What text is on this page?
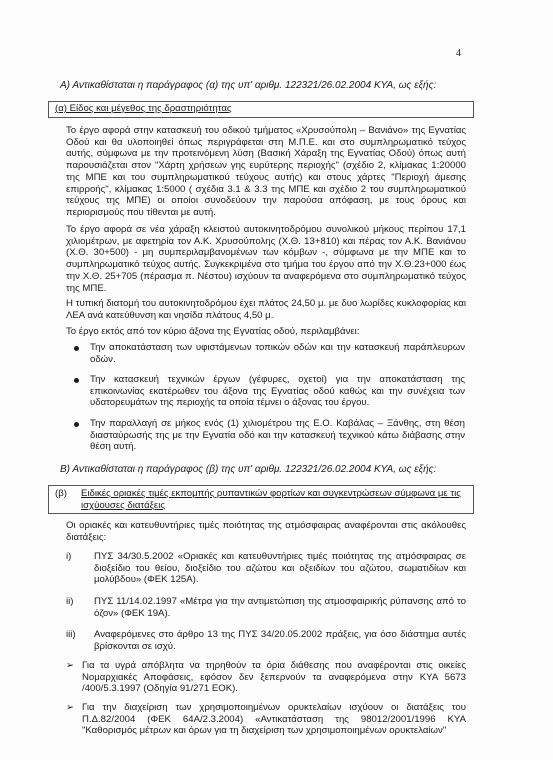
4
Α) Αντικαθίσταται η παράγραφος (α) της υπ' αριθμ. 122321/26.02.2004 ΚΥΑ, ως εξής:
(α) Είδος και μέγεθος της δραστηριότητας
Το έργο αφορά στην κατασκευή του οδικού τμήματος «Χρυσούπολη – Βανιάνο» της Εγνατίας Οδού και θα υλοποιηθεί όπως περιγράφεται στη Μ.Π.Ε. και στο συμπληρωματικό τεύχος αυτής, σύμφωνα με την προτεινόμενη λύση (Βασική Χάραξη της Εγνατίας Οδού) όπως αυτή παρουσιάζεται στον "Χάρτη χρήσεων γης ευρύτερης περιοχής" (σχέδιο 2, κλίμακας 1:20000 της ΜΠΕ και του συμπληρωματικού τεύχους αυτής) και στους χάρτες "Περιοχή άμεσης επιρροής", κλίμακας 1:5000 ( σχέδια 3.1 & 3.3 της ΜΠΕ και σχέδιο 2 του συμπληρωματικού τεύχους της ΜΠΕ) οι οποίοι συνοδεύουν την παρούσα απόφαση, με τους όρους και περιορισμούς που τίθενται με αυτή.
Το έργο αφορά σε νέα χάραξη κλειστού αυτοκινητοδρόμου συνολικού μήκους περίπου 17,1 χιλιομέτρων, με αφετηρία τον Α.Κ. Χρυσούπολης (Χ.Θ. 13+810) και πέρας τον Α.Κ. Βανιάνου (Χ.Θ. 30+500) - μη συμπεριλαμβανομένων των κόμβων -, σύμφωνα με την ΜΠΕ και το συμπληρωματικό τεύχος αυτής. Συγκεκριμένα στο τμήμα του έργου από την Χ.Θ.23+000 έως την Χ.Θ. 25+705 (πέρασμα π. Νέστου) ισχύουν τα αναφερόμενα στο συμπληρωματικό τεύχος της ΜΠΕ.
Η τυπική διατομή του αυτοκινητοδρόμου έχει πλάτος 24,50 μ. με δυο λωρίδες κυκλοφορίας και ΛΕΑ ανά κατεύθυνση και νησίδα πλάτους 4,50 μ.
Το έργο εκτός από τον κύριο άξονα της Εγνατίας οδού, περιλαμβάνει:
Την αποκατάσταση των υφιστάμενων τοπικών οδών και την κατασκευή παράπλευρων οδών.
Την κατασκευή τεχνικών έργων (γέφυρες, οχετοί) για την αποκατάσταση της επικοινωνίας εκατέρωθεν του άξονα της Εγνατίας οδού καθώς και την συνέχεια των υδατορευμάτων της περιοχής τα οποία τέμνει ο άξονας του έργου.
Την παραλλαγή σε μήκος ενός (1) χιλιομέτρου της Ε.Ο. Καβάλας – Ξάνθης, στη θέση διασταύρωσής της με την Εγνατία οδό και την κατασκευή τεχνικού κάτω διάβασης στην θέση αυτή.
Β) Αντικαθίσταται η παράγραφος (β) της υπ' αριθμ. 122321/26.02.2004 ΚΥΑ, ως εξής:
(β) Ειδικές οριακές τιμές εκπομπής ρυπαντικών φορτίων και συγκεντρώσεων σύμφωνα με τις ισχύουσες διατάξεις
Οι οριακές και κατευθυντήριες τιμές ποιότητας της ατμόσφαιρας αναφέρονται στις ακόλουθες διατάξεις:
i) ΠΥΣ 34/30.5.2002 «Οριακές και κατευθυντήριες τιμές ποιότητας της ατμόσφαιρας σε διοξείδιο του θείου, διοξείδιο του αζώτου και οξειδίων του αζώτου, σωματιδίων και μολύβδου» (ΦΕΚ 125Α).
ii) ΠΥΣ 11/14.02.1997 «Μέτρα για την αντιμετώπιση της ατμοσφαιρικής ρύπανσης από το όζον» (ΦΕΚ 19Α).
iii) Αναφερόμενες στο άρθρο 13 της ΠΥΣ 34/20.05.2002 πράξεις, για όσο διάστημα αυτές βρίσκονται σε ισχύ.
➢ Για τα υγρά απόβλητα να τηρηθούν τα όρια διάθεσης που αναφέρονται στις οικείες Νομαρχιακές Αποφάσεις, εφόσον δεν ξεπερνούν τα αναφερόμενα στην ΚΥΑ 5673 /400/5.3.1997 (Οδηγία 91/271 ΕΟΚ).
➢ Για την διαχείριση των χρησιμοποιημένων ορυκτελαίων ισχύουν οι διατάξεις του Π.Δ.82/2004 (ΦΕΚ 64Α/2.3.2004) «Αντικατάσταση της 98012/2001/1996 ΚΥΑ "Καθορισμός μέτρων και όρων για τη διαχείριση των χρησιμοποιημένων ορυκτελαίων"
